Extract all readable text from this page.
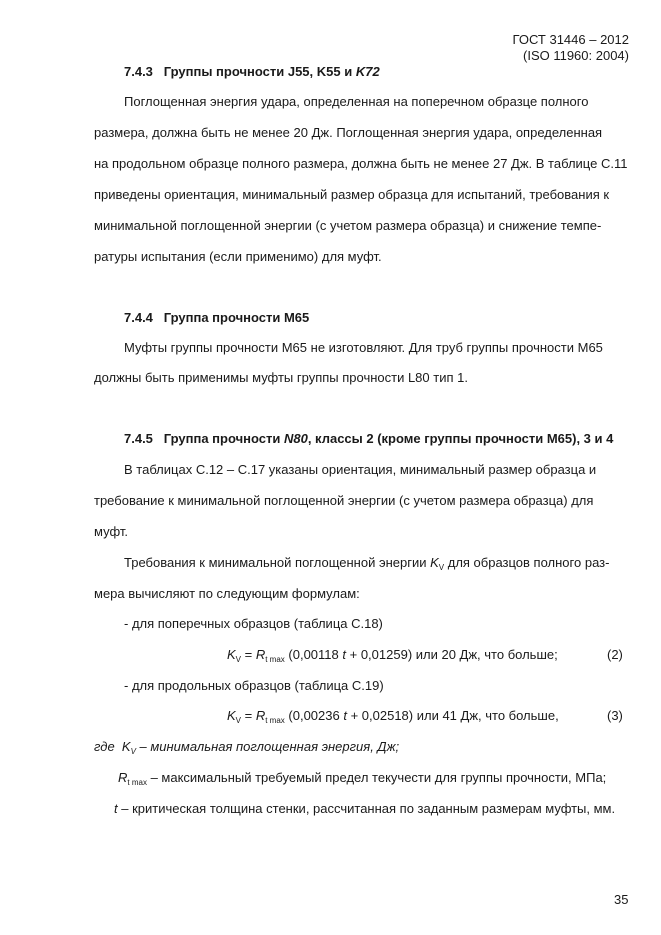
ГОСТ 31446 – 2012
(ISO 11960: 2004)
7.4.3 Группы прочности J55, K55 и K72
Поглощенная энергия удара, определенная на поперечном образце полного
размера, должна быть не менее 20 Дж. Поглощенная энергия удара, определенная
на продольном образце полного размера, должна быть не менее 27 Дж. В таблице С.11
приведены ориентация, минимальный размер образца для испытаний, требования к
минимальной поглощенной энергии (с учетом размера образца) и снижение темпе-
ратуры испытания (если применимо) для муфт.
7.4.4 Группа прочности М65
Муфты группы прочности М65 не изготовляют. Для труб группы прочности М65
должны быть применимы муфты группы прочности L80 тип 1.
7.4.5 Группа прочности N80, классы 2 (кроме группы прочности М65), 3 и 4
В таблицах С.12 – С.17 указаны ориентация, минимальный размер образца и
требование к минимальной поглощенной энергии (с учетом размера образца) для
муфт.
Требования к минимальной поглощенной энергии $K_V$ для образцов полного раз-
мера вычисляют по следующим формулам:
- для поперечных образцов (таблица С.18)
$K_V = R_{t max}$ (0,00118 t + 0,01259) или 20 Дж, что больше;	(2)
- для продольных образцов (таблица С.19)
$K_V = R_{t max}$ (0,00236 t + 0,02518) или 41 Дж, что больше,	(3)
где  $K_V$ – минимальная поглощенная энергия, Дж;
$R_{t max}$ – максимальный требуемый предел текучести для группы прочности, МПа;
t – критическая толщина стенки, рассчитанная по заданным размерам муфты, мм.
35
